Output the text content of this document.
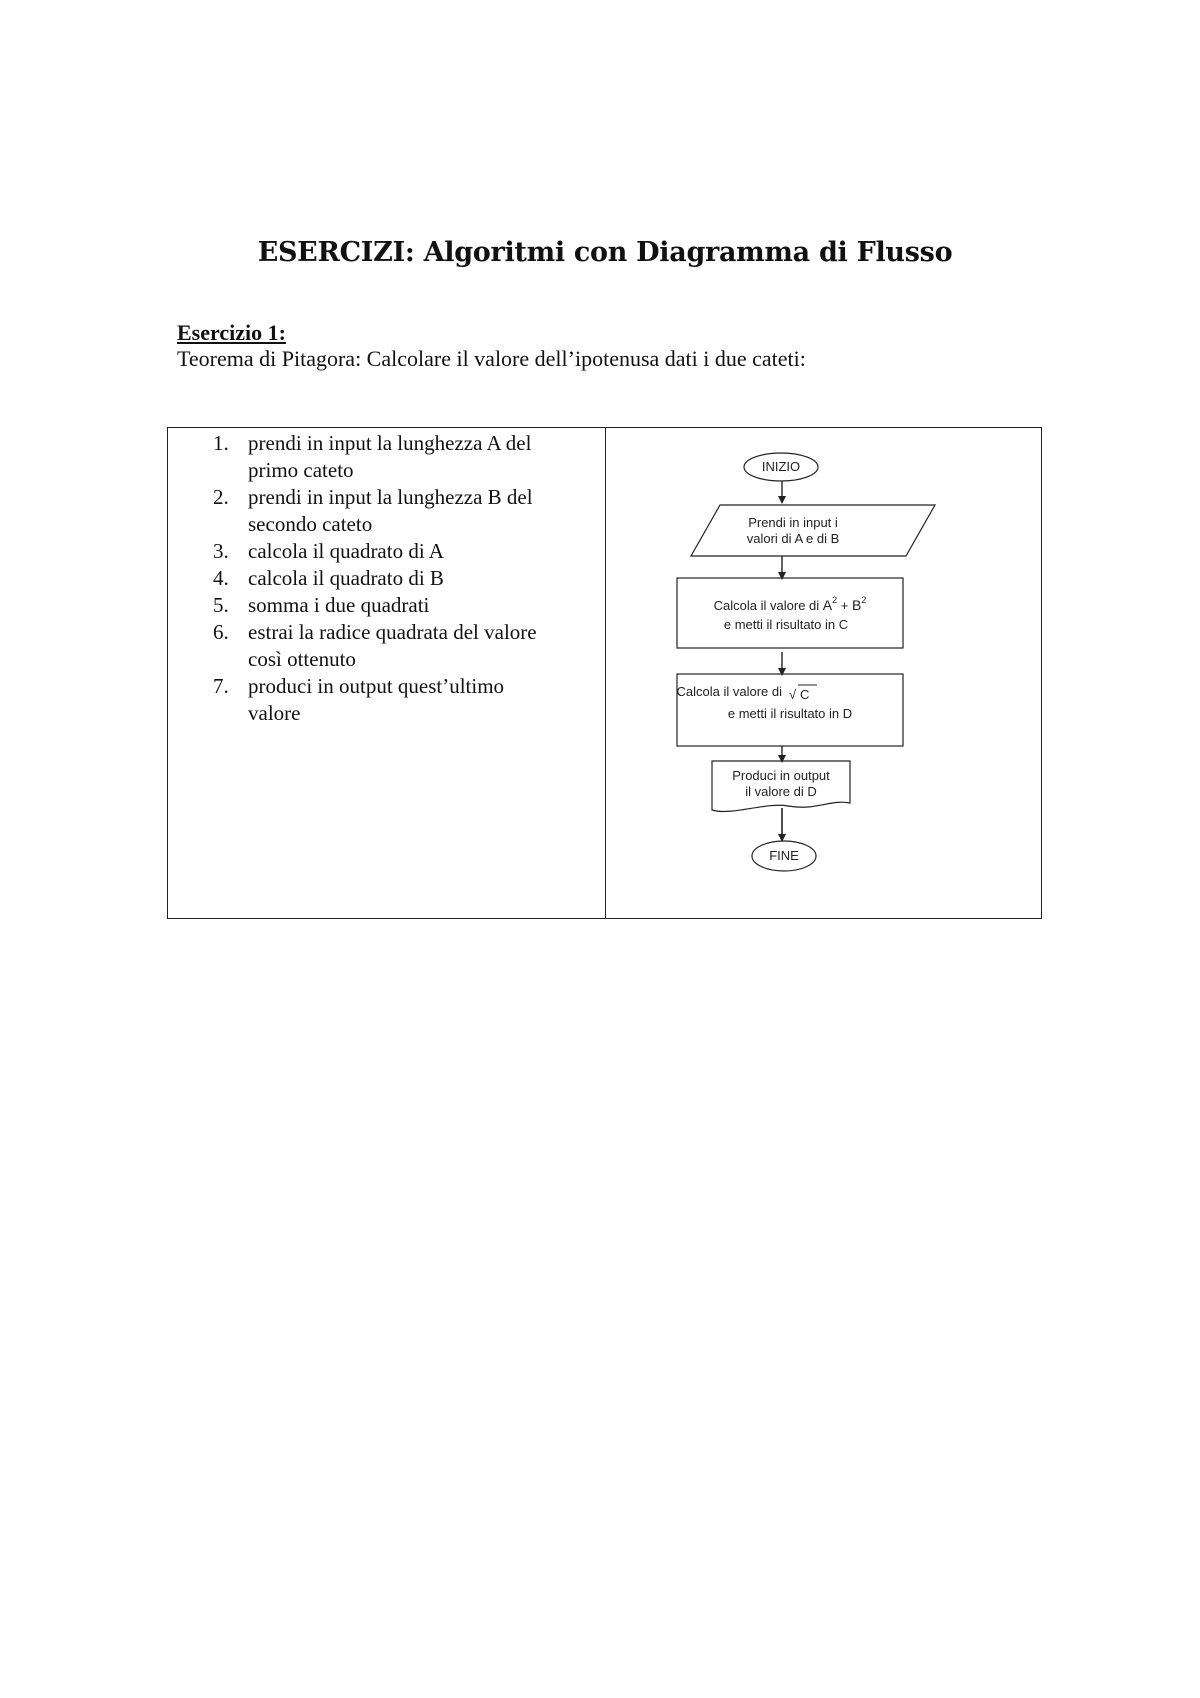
ESERCIZI: Algoritmi con Diagramma di Flusso

Esercizio 1:

Teorema di Pitagora: Calcolare il valore dell’ipotenusa dati i due cateti:

1. prendi in input la lunghezza A del
primo cateto
2. prendi in input la lunghezza B del
secondo cateto
3. calcola il quadrato di A
4. calcola il quadrato di B
5. somma i due quadrati
6. estrai la radice quadrata del valore
così ottenuto
7. produci in output quest’ultimo
valore
INIZIO
Prendi in input i
valori di A e di B
Calcola il valore di $A^2 + B^2$
e metti il risultato in C
Calcola il valore di √ C
e metti il risultato in D
Produci in output
il valore di D
FINE
